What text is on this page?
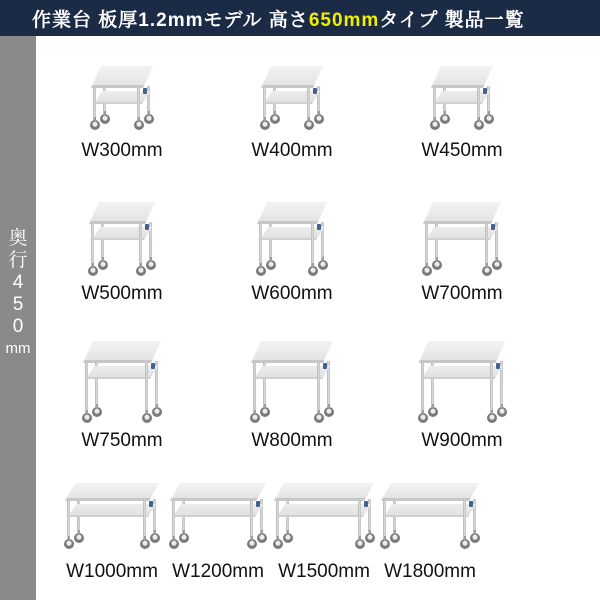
作業台 板厚1.2mmモデル 高さ650mmタイプ 製品一覧
奥
行
4
5
0
mm
W300mm	W400mm	W450mm
W500mm	W600mm	W700mm
W750mm	W800mm	W900mm
W1000mm W1200mm W1500mm W1800mm
